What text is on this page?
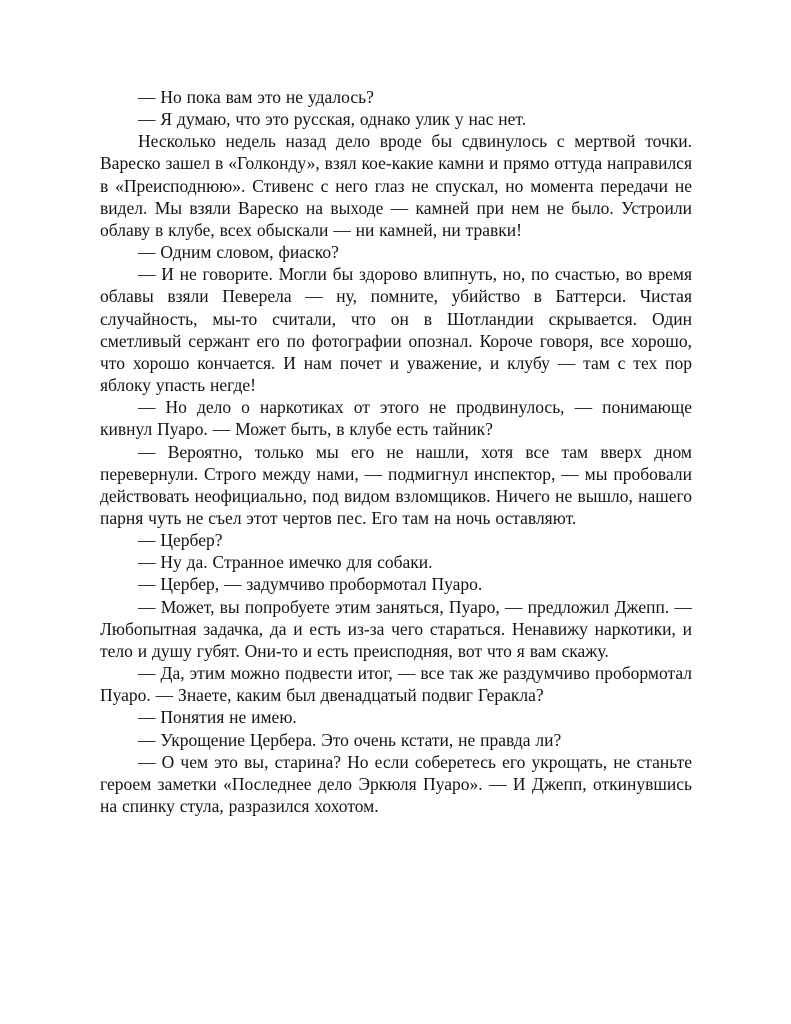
— Но пока вам это не удалось?

— Я думаю, что это русская, однако улик у нас нет.

Несколько недель назад дело вроде бы сдвинулось с мертвой точки. Вареско зашел в «Голконду», взял кое-какие камни и прямо оттуда направился в «Преисподнюю». Стивенс с него глаз не спускал, но момента передачи не видел. Мы взяли Вареско на выходе — камней при нем не было. Устроили облаву в клубе, всех обыскали — ни камней, ни травки!

— Одним словом, фиаско?

— И не говорите. Могли бы здорово влипнуть, но, по счастью, во время облавы взяли Певерела — ну, помните, убийство в Баттерси. Чистая случайность, мы-то считали, что он в Шотландии скрывается. Один сметливый сержант его по фотографии опознал. Короче говоря, все хорошо, что хорошо кончается. И нам почет и уважение, и клубу — там с тех пор яблоку упасть негде!

— Но дело о наркотиках от этого не продвинулось, — понимающе кивнул Пуаро. — Может быть, в клубе есть тайник?

— Вероятно, только мы его не нашли, хотя все там вверх дном перевернули. Строго между нами, — подмигнул инспектор, — мы пробовали действовать неофициально, под видом взломщиков. Ничего не вышло, нашего парня чуть не съел этот чертов пес. Его там на ночь оставляют.

— Цербер?

— Ну да. Странное имечко для собаки.

— Цербер, — задумчиво пробормотал Пуаро.

— Может, вы попробуете этим заняться, Пуаро, — предложил Джепп. — Любопытная задачка, да и есть из-за чего стараться. Ненавижу наркотики, и тело и душу губят. Они-то и есть преисподняя, вот что я вам скажу.

— Да, этим можно подвести итог, — все так же раздумчиво пробормотал Пуаро. — Знаете, каким был двенадцатый подвиг Геракла?

— Понятия не имею.

— Укрощение Цербера. Это очень кстати, не правда ли?

— О чем это вы, старина? Но если соберетесь его укрощать, не станьте героем заметки «Последнее дело Эркюля Пуаро». — И Джепп, откинувшись на спинку стула, разразился хохотом.
